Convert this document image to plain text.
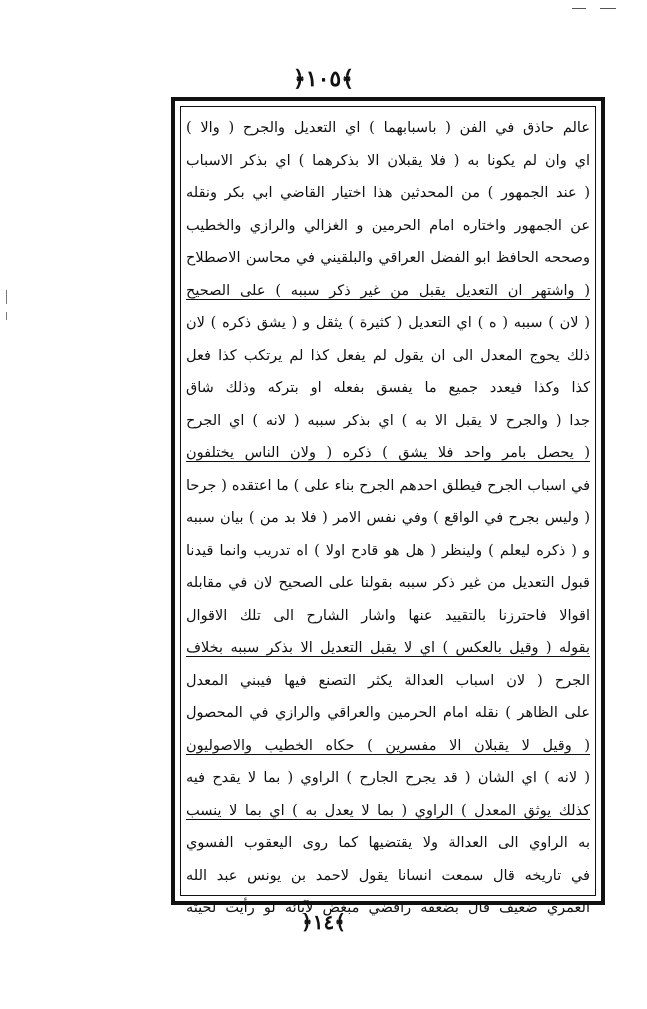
﴿١٠٥﴾
عالم حاذق في الفن ( باسبابهما ) اي التعديل والجرح ( والا )
اي وان لم يكونا به ( فلا يقبلان الا بذكرهما ) اي بذكر الاسباب
( عند الجمهور ) من المحدثين هذا اختيار القاضي ابي بكر ونقله
عن الجمهور واختاره امام الحرمين و الغزالي والرازي والخطيب
وصححه الحافظ ابو الفضل العراقي والبلقيني في محاسن الاصطلاح
( واشتهر ان التعديل يقبل من غير ذكر سببه ) على الصحيح
( لان ) سببه ( ه ) اي التعديل ( كثيرة ) يثقل و ( يشق ذكره ) لان
ذلك يحوج المعدل الى ان يقول لم يفعل كذا لم يرتكب كذا فعل
كذا وكذا فيعدد جميع ما يفسق بفعله او بتركه وذلك شاق
جدا ( والجرح لا يقبل الا به ) اي بذكر سببه ( لانه ) اي الجرح
( يحصل بامر واحد فلا يشق ) ذكره ( ولان الناس يختلفون
في اسباب الجرح فيطلق احدهم الجرح بناء على ) ما اعتقده ( جرحا
( وليس بجرح في الواقع ) وفي نفس الامر ( فلا بد من ) بيان سببه
و ( ذكره ليعلم ) ولينظر ( هل هو قادح اولا ) اه تدريب وانما قيدنا
قبول التعديل من غير ذكر سببه بقولنا على الصحيح لان في مقابله
اقوالا فاحترزنا بالتقييد عنها واشار الشارح الى تلك الاقوال
بقوله ( وقيل بالعكس ) اي لا يقبل التعديل الا بذكر سببه بخلاف
الجرح ( لان اسباب العدالة يكثر التصنع فيها فيبني المعدل
على الظاهر ) نقله امام الحرمين والعراقي والرازي في المحصول
( وقيل لا يقبلان الا مفسرين ) حكاه الخطيب والاصوليون
( لانه ) اي الشان ( قد يجرح الجارح ) الراوي ( بما لا يقدح فيه
كذلك يوثق المعدل ) الراوي ( بما لا يعدل به ) اي بما لا ينسب
به الراوي الى العدالة ولا يقتضيها كما روى اليعقوب الفسوي
في تاريخه قال سمعت انسانا يقول لاحمد بن يونس عبد الله
العمري ضعيف قال بضعفه رافضي مبغض لآبائه لو رأيت لحيته
﴿١٤﴾
